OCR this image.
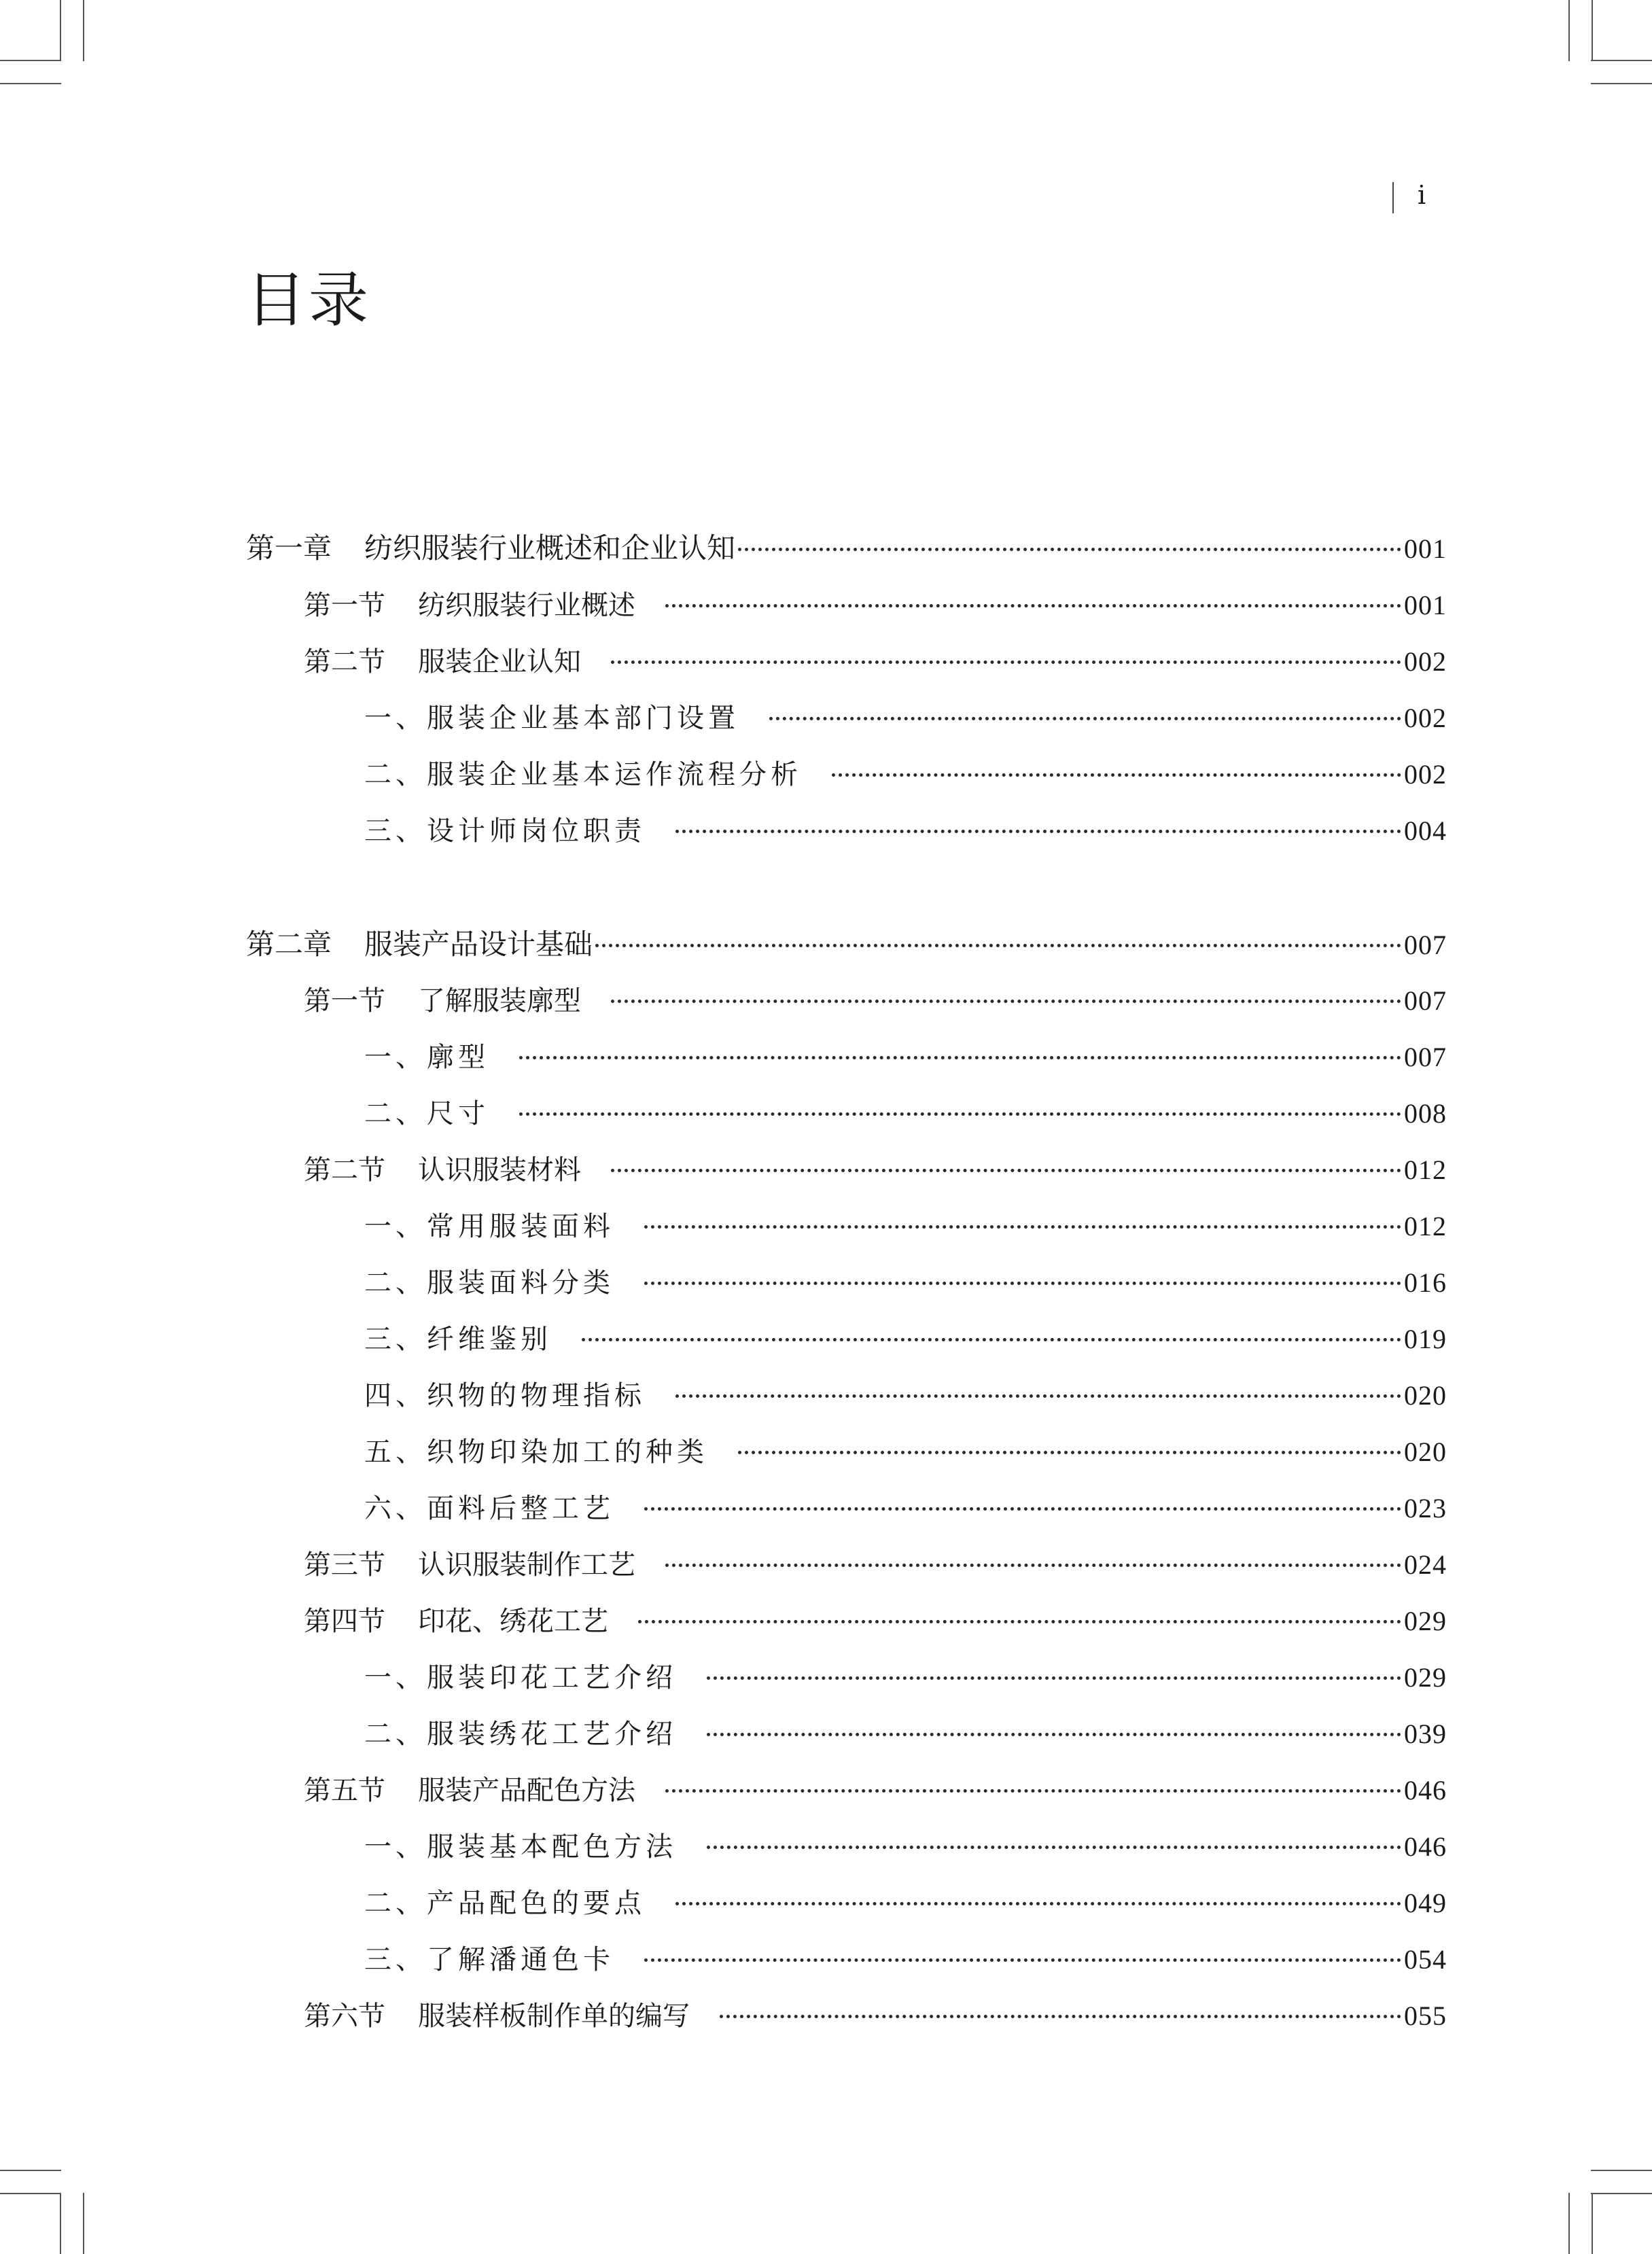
i
目录
第一章 纺织服装行业概述和企业认知	001
第一节 纺织服装行业概述	001
第二节 服装企业认知	002
一、 服装企业基本部门设置	002
二、 服装企业基本运作流程分析	002
三、 设计师岗位职责	004
第二章 服装产品设计基础	007
第一节 了解服装廓型	007
一、 廓型	007
二、 尺寸	008
第二节 认识服装材料	012
一、 常用服装面料	012
二、 服装面料分类	016
三、 纤维鉴别	019
四、 织物的物理指标	020
五、 织物印染加工的种类	020
六、 面料后整工艺	023
第三节 认识服装制作工艺	024
第四节 印花、绣花工艺	029
一、 服装印花工艺介绍	029
二、 服装绣花工艺介绍	039
第五节 服装产品配色方法	046
一、 服装基本配色方法	046
二、 产品配色的要点	049
三、 了解潘通色卡	054
第六节 服装样板制作单的编写	055
